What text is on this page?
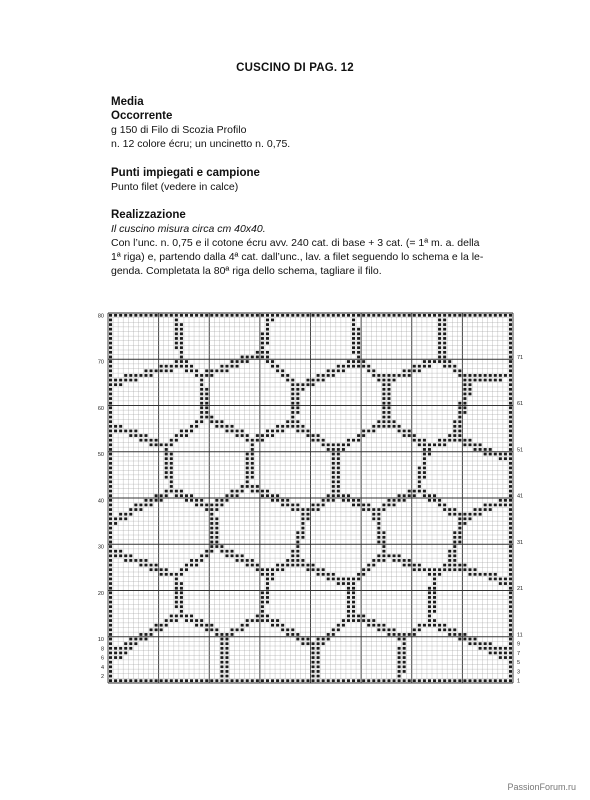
CUSCINO DI PAG. 12
Media
Occorrente
g 150 di Filo di Scozia Profilo
n. 12 colore écru; un uncinetto n. 0,75.
Punti impiegati e campione
Punto filet (vedere in calce)
Realizzazione
Il cuscino misura circa cm 40x40.
Con l’unc. n. 0,75 e il cotone écru avv. 240 cat. di base + 3 cat. (= 1ª m. a. della
1ª riga) e, partendo dalla 4ª cat. dall’unc., lav. a filet seguendo lo schema e la le-
genda. Completata la 80ª riga dello schema, tagliare il filo.
80
70
60
50
40
30
20
10
8
6
4
2
71
61
51
41
31
21
11
9
7
5
3
1
PassionForum.ru
